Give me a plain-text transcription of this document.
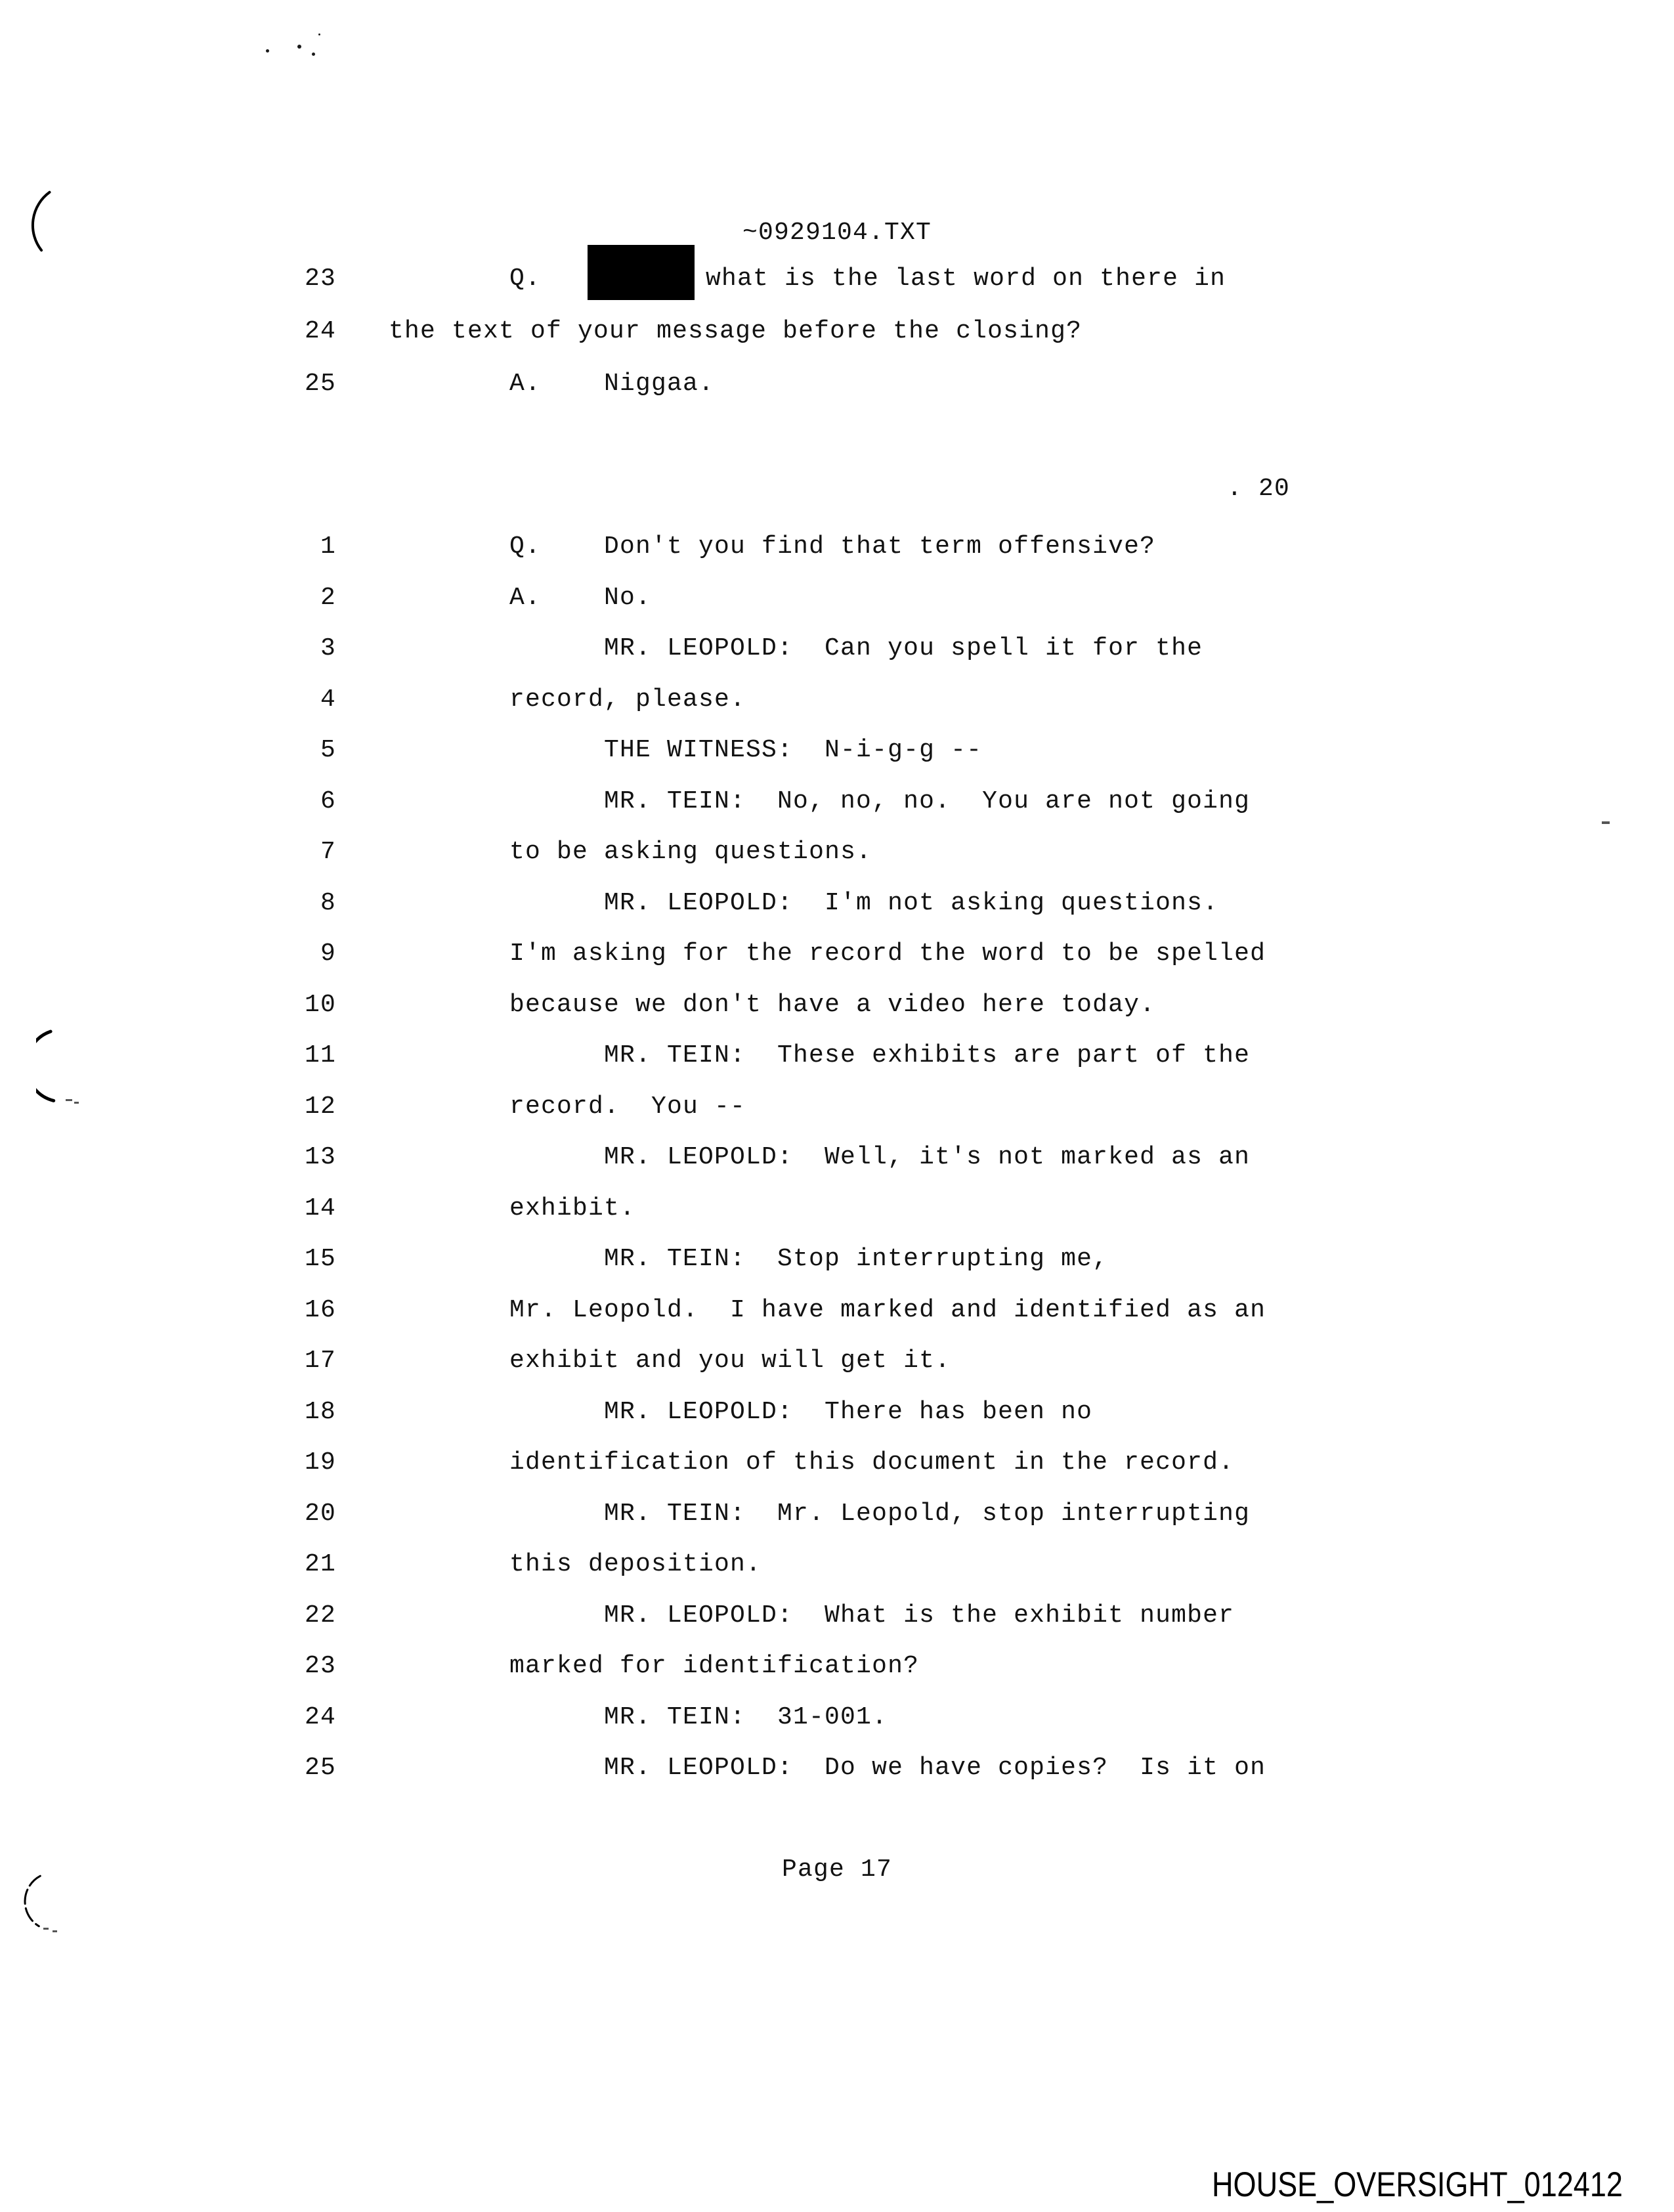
~0929104.TXT
23	Q.	what is the last word on there in
24 the text of your message before the closing?
25	A.    Niggaa.
. 20
1	Q.    Don't you find that term offensive?
2	A.    No.
3	MR. LEOPOLD:  Can you spell it for the
4	record, please.
5	THE WITNESS:  N-i-g-g --
6	MR. TEIN:  No, no, no.  You are not going
7	to be asking questions.
8	MR. LEOPOLD:  I'm not asking questions.
9	I'm asking for the record the word to be spelled
10	because we don't have a video here today.
11	MR. TEIN:  These exhibits are part of the
12	record.  You --
13	MR. LEOPOLD:  Well, it's not marked as an
14	exhibit.
15	MR. TEIN:  Stop interrupting me,
16	Mr. Leopold.  I have marked and identified as an
17	exhibit and you will get it.
18	MR. LEOPOLD:  There has been no
19	identification of this document in the record.
20	MR. TEIN:  Mr. Leopold, stop interrupting
21	this deposition.
22	MR. LEOPOLD:  What is the exhibit number
23	marked for identification?
24	MR. TEIN:  31-001.
25	MR. LEOPOLD:  Do we have copies?  Is it on
Page 17
HOUSE_OVERSIGHT_012412
